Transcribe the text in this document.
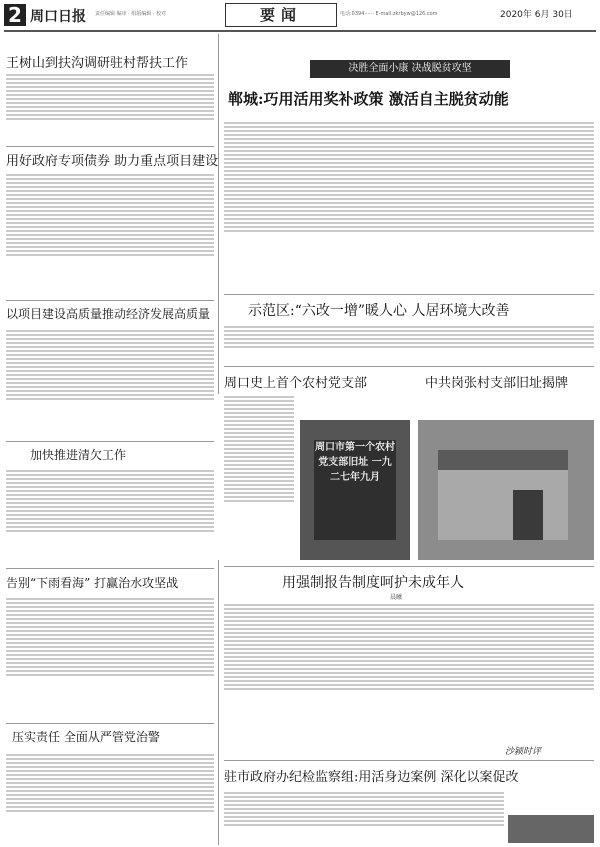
2 周口日报 责任编辑 编审 · 组版编辑 · 校对	要闻	电话:0394······ E-mail:zkrbyw@126.com	2020年 6月 30日
王树山到扶沟调研驻村帮扶工作
用好政府专项债券 助力重点项目建设
以项目建设高质量推动经济发展高质量
加快推进清欠工作
告别“下雨看海” 打赢治水攻坚战
压实责任 全面从严管党治警
决胜全面小康 决战脱贫攻坚
郸城:巧用活用奖补政策 激活自主脱贫动能
示范区:“六改一增”暖人心 人居环境大改善
周口史上首个农村党支部	中共岗张村支部旧址揭牌
周口市第一个农村党支部旧址 一九二七年九月
用强制报告制度呵护未成年人
晨曦
沙颍时评
驻市政府办纪检监察组:用活身边案例 深化以案促改
